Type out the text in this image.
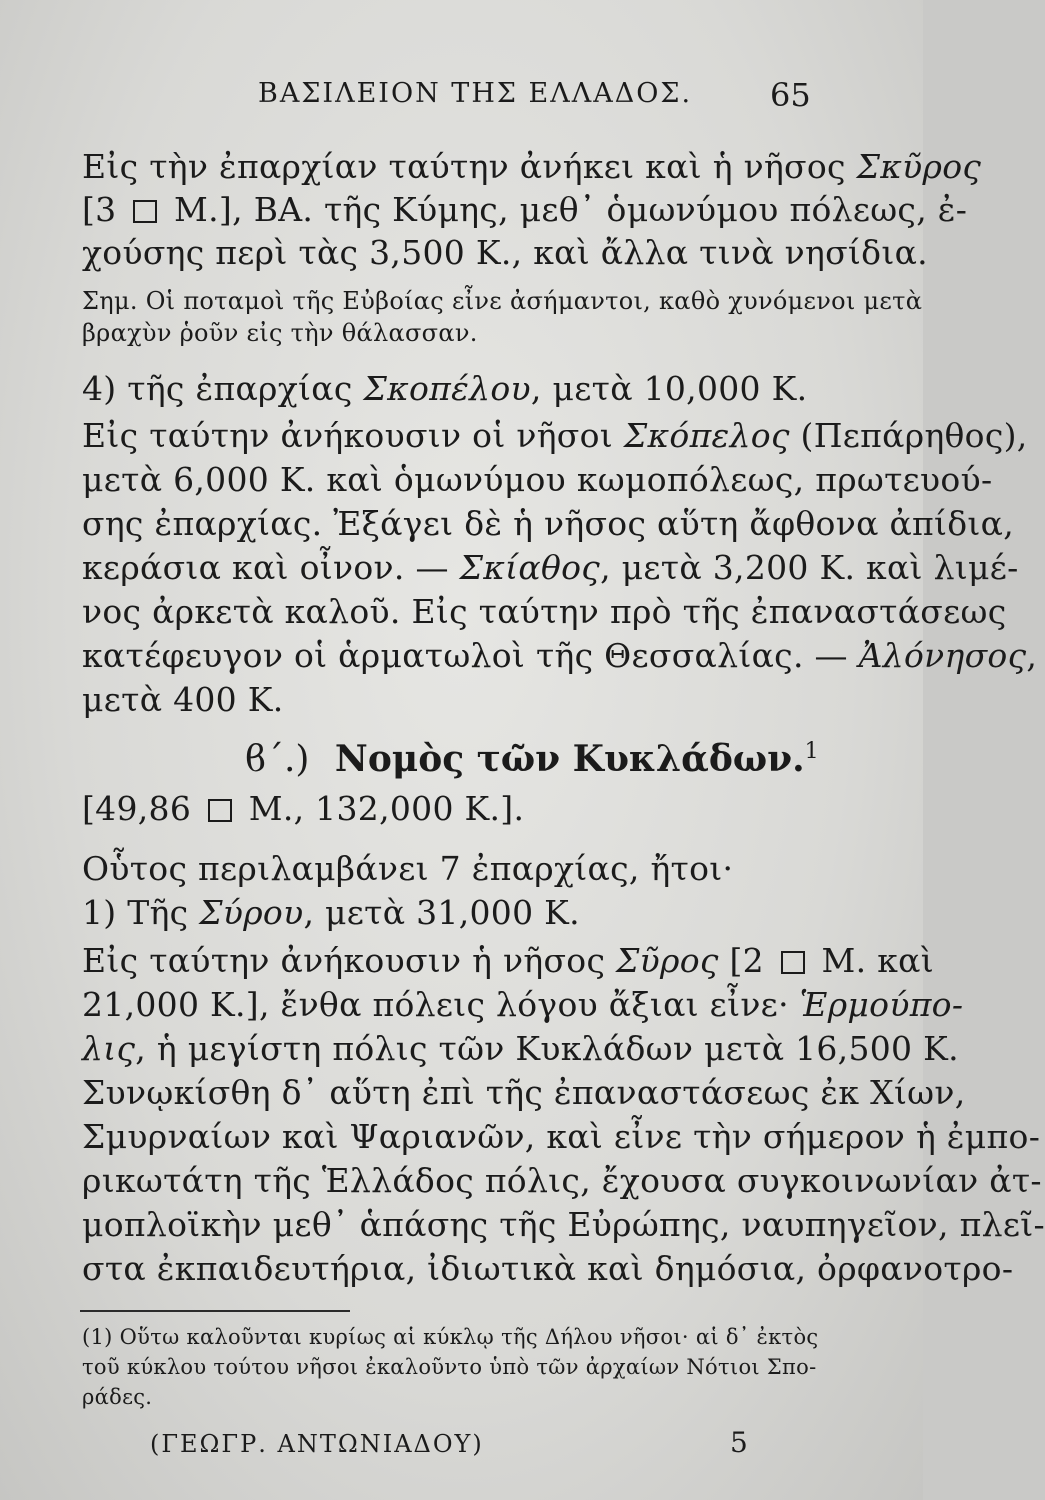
ΒΑΣΙΛΕΙΟΝ ΤΗΣ ΕΛΛΑΔΟΣ. 65
Εἰς τὴν ἐπαρχίαν ταύτην ἀνήκει καὶ ἡ νῆσος Σκῦρος
[3  Μ.], ΒΑ. τῆς Κύμης, μεθ᾽ ὁμωνύμου πόλεως, ἐ-
χούσης περὶ τὰς 3,500 Κ., καὶ ἄλλα τινὰ νησίδια.
Σημ. Οἱ ποταμοὶ τῆς Εὐβοίας εἶνε ἀσήμαντοι, καθὸ χυνόμενοι μετὰ
βραχὺν ῥοῦν εἰς τὴν θάλασσαν.
4) τῆς ἐπαρχίας Σκοπέλου, μετὰ 10,000 Κ.
Εἰς ταύτην ἀνήκουσιν οἱ νῆσοι Σκόπελος (Πεπάρηθος),
μετὰ 6,000 Κ. καὶ ὁμωνύμου κωμοπόλεως, πρωτευού-
σης ἐπαρχίας. Ἐξάγει δὲ ἡ νῆσος αὕτη ἄφθονα ἀπίδια,
κεράσια καὶ οἶνον. — Σκίαθος, μετὰ 3,200 Κ. καὶ λιμέ-
νος ἀρκετὰ καλοῦ. Εἰς ταύτην πρὸ τῆς ἐπαναστάσεως
κατέφευγον οἱ ἁρματωλοὶ τῆς Θεσσαλίας. — Ἀλόνησος,
μετὰ 400 Κ.
[49,86  Μ., 132,000 Κ.].
Οὗτος περιλαμβάνει 7 ἐπαρχίας, ἤτοι·
1) Τῆς Σύρου, μετὰ 31,000 Κ.
Εἰς ταύτην ἀνήκουσιν ἡ νῆσος Σῦρος [2  Μ. καὶ
21,000 Κ.], ἔνθα πόλεις λόγου ἄξιαι εἶνε· Ἑρμούπο-
λις, ἡ μεγίστη πόλις τῶν Κυκλάδων μετὰ 16,500 Κ.
Συνῳκίσθη δ᾽ αὕτη ἐπὶ τῆς ἐπαναστάσεως ἐκ Χίων,
Σμυρναίων καὶ Ψαριανῶν, καὶ εἶνε τὴν σήμερον ἡ ἐμπο-
ρικωτάτη τῆς Ἑλλάδος πόλις, ἔχουσα συγκοινωνίαν ἀτ-
μοπλοϊκὴν μεθ᾽ ἁπάσης τῆς Εὐρώπης, ναυπηγεῖον, πλεῖ-
στα ἐκπαιδευτήρια, ἰδιωτικὰ καὶ δημόσια, ὀρφανοτρο-
(1) Οὕτω καλοῦνται κυρίως αἱ κύκλῳ τῆς Δήλου νῆσοι· αἱ δ᾽ ἐκτὸς
τοῦ κύκλου τούτου νῆσοι ἐκαλοῦντο ὑπὸ τῶν ἀρχαίων Νότιοι Σπο-
ράδες.
ϐ΄.) Νομὸς τῶν Κυκλάδων.$^1$
(ΓΕΩΓΡ. ΑΝΤΩΝΙΑΔΟΥ)	5
